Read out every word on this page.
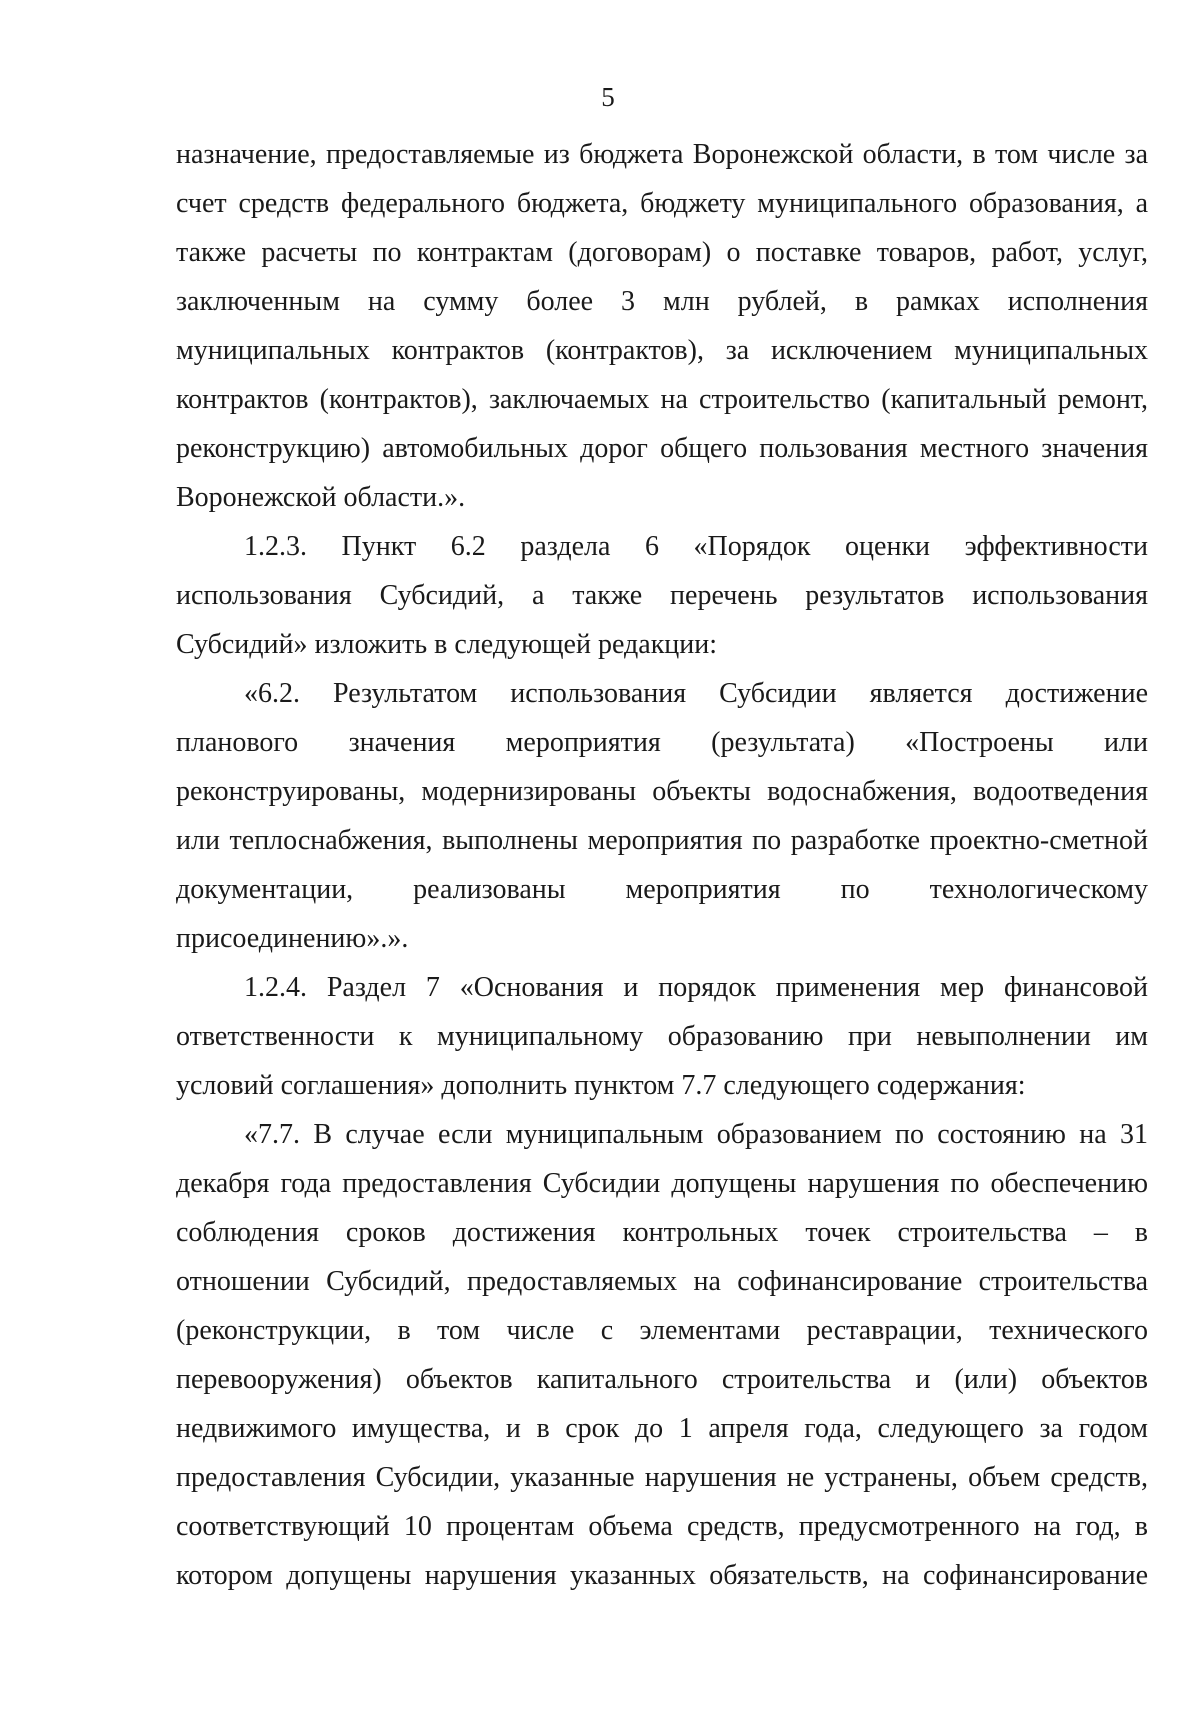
5
назначение, предоставляемые из бюджета Воронежской области, в том числе за
счет средств федерального бюджета, бюджету муниципального образования, а
также расчеты по контрактам (договорам) о поставке товаров, работ, услуг,
заключенным на сумму более 3 млн рублей, в рамках исполнения
муниципальных контрактов (контрактов), за исключением муниципальных
контрактов (контрактов), заключаемых на строительство (капитальный ремонт,
реконструкцию) автомобильных дорог общего пользования местного значения
Воронежской области.».
1.2.3. Пункт 6.2 раздела 6 «Порядок оценки эффективности
использования Субсидий, а также перечень результатов использования
Субсидий» изложить в следующей редакции:
«6.2. Результатом использования Субсидии является достижение
планового значения мероприятия (результата) «Построены или
реконструированы, модернизированы объекты водоснабжения, водоотведения
или теплоснабжения, выполнены мероприятия по разработке проектно-сметной
документации, реализованы мероприятия по технологическому
присоединению».».
1.2.4. Раздел 7 «Основания и порядок применения мер финансовой
ответственности к муниципальному образованию при невыполнении им
условий соглашения» дополнить пунктом 7.7 следующего содержания:
«7.7. В случае если муниципальным образованием по состоянию на 31
декабря года предоставления Субсидии допущены нарушения по обеспечению
соблюдения сроков достижения контрольных точек строительства – в
отношении Субсидий, предоставляемых на софинансирование строительства
(реконструкции, в том числе с элементами реставрации, технического
перевооружения) объектов капитального строительства и (или) объектов
недвижимого имущества, и в срок до 1 апреля года, следующего за годом
предоставления Субсидии, указанные нарушения не устранены, объем средств,
соответствующий 10 процентам объема средств, предусмотренного на год, в
котором допущены нарушения указанных обязательств, на софинансирование
